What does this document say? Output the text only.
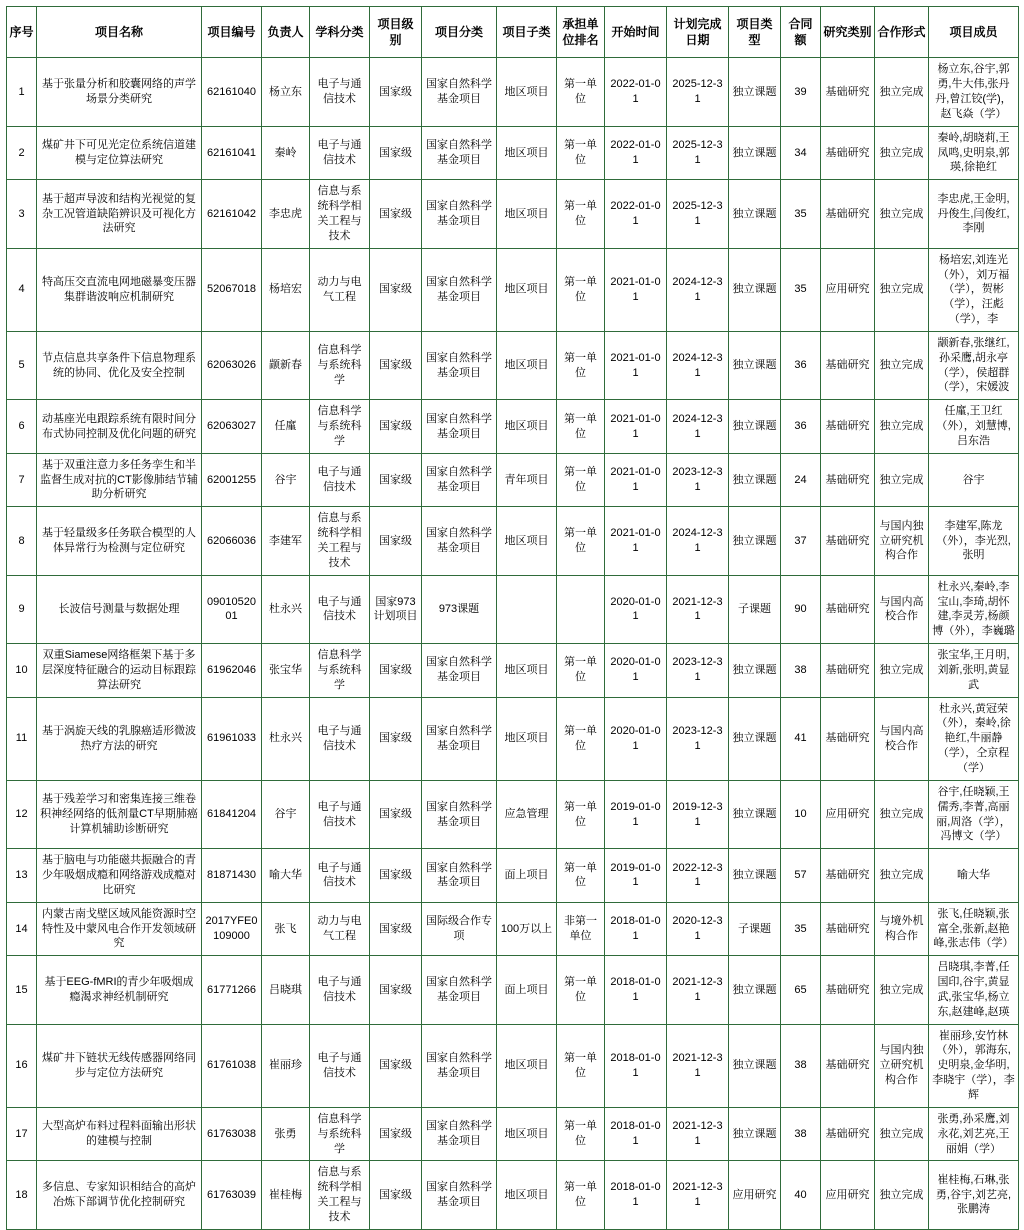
序号	项目名称	项目编号	负责人	学科分类	项目级别	项目分类	项目子类	承担单位排名	开始时间	计划完成日期	项目类型	合同额	研究类别	合作形式	项目成员
1	基于张量分析和胶囊网络的声学场景分类研究	62161040	杨立东	电子与通信技术	国家级	国家自然科学基金项目	地区项目	第一单位	2022-01-01	2025-12-31	独立课题	39	基础研究	独立完成	杨立东,谷宇,郭勇,牛大伟,张丹丹,曾江铰(学)，赵飞焱（学）
2	煤矿井下可见光定位系统信道建模与定位算法研究	62161041	秦岭	电子与通信技术	国家级	国家自然科学基金项目	地区项目	第一单位	2022-01-01	2025-12-31	独立课题	34	基础研究	独立完成	秦岭,胡晓莉,王凤鸣,史明泉,郭瑛,徐艳红
3	基于超声导波和结构光视觉的复杂工况管道缺陷辨识及可视化方法研究	62161042	李忠虎	信息与系统科学相关工程与技术	国家级	国家自然科学基金项目	地区项目	第一单位	2022-01-01	2025-12-31	独立课题	35	基础研究	独立完成	李忠虎,王金明,丹俊生,闫俊红,李刚
4	特高压交直流电网地磁暴变压器集群谐波响应机制研究	52067018	杨培宏	动力与电气工程	国家级	国家自然科学基金项目	地区项目	第一单位	2021-01-01	2024-12-31	独立课题	35	应用研究	独立完成	杨培宏,刘连光（外），刘万福（学），贺彬（学），汪彪（学），李
5	节点信息共享条件下信息物理系统的协同、优化及安全控制	62063026	颛新春	信息科学与系统科学	国家级	国家自然科学基金项目	地区项目	第一单位	2021-01-01	2024-12-31	独立课题	36	基础研究	独立完成	颛新春,张继红,孙采鹰,胡永亭（学），侯超群（学），宋媛波
6	动基座光电跟踪系统有限时间分布式协同控制及优化问题的研究	62063027	任廑	信息科学与系统科学	国家级	国家自然科学基金项目	地区项目	第一单位	2021-01-01	2024-12-31	独立课题	36	基础研究	独立完成	任廑,王卫红（外），刘慧博,吕东浩
7	基于双重注意力多任务孪生和半监督生成对抗的CT影像肺结节辅助分析研究	62001255	谷宇	电子与通信技术	国家级	国家自然科学基金项目	青年项目	第一单位	2021-01-01	2023-12-31	独立课题	24	基础研究	独立完成	谷宇
8	基于轻量级多任务联合模型的人体异常行为检测与定位研究	62066036	李建军	信息与系统科学相关工程与技术	国家级	国家自然科学基金项目	地区项目	第一单位	2021-01-01	2024-12-31	独立课题	37	基础研究	与国内独立研究机构合作	李建军,陈龙（外），李光烈,张明
9	长波信号测量与数据处理	0901052001	杜永兴	电子与通信技术	国家973计划项目	973课题			2020-01-01	2021-12-31	子课题	90	基础研究	与国内高校合作	杜永兴,秦岭,李宝山,李琦,胡怀建,李灵芳,杨颜博（外），李巍璐
10	双重Siamese网络框架下基于多层深度特征融合的运动目标跟踪算法研究	61962046	张宝华	信息科学与系统科学	国家级	国家自然科学基金项目	地区项目	第一单位	2020-01-01	2023-12-31	独立课题	38	基础研究	独立完成	张宝华,王月明,刘新,张明,黄显武
11	基于涡旋天线的乳腺癌适形微波热疗方法的研究	61961033	杜永兴	电子与通信技术	国家级	国家自然科学基金项目	地区项目	第一单位	2020-01-01	2023-12-31	独立课题	41	基础研究	与国内高校合作	杜永兴,黄冠荣（外），秦岭,徐艳红,牛丽静（学），仝京程（学）
12	基于残差学习和密集连接三维卷积神经网络的低剂量CT早期肺癌计算机辅助诊断研究	61841204	谷宇	电子与通信技术	国家级	国家自然科学基金项目	应急管理	第一单位	2019-01-01	2019-12-31	独立课题	10	应用研究	独立完成	谷宇,任晓颖,王儒秀,李菁,高丽丽,周洛（学），冯博文（学）
13	基于脑电与功能磁共振融合的青少年吸烟成瘾和网络游戏成瘾对比研究	81871430	喻大华	电子与通信技术	国家级	国家自然科学基金项目	面上项目	第一单位	2019-01-01	2022-12-31	独立课题	57	基础研究	独立完成	喻大华
14	内蒙古南戈壁区域风能资源时空特性及中蒙风电合作开发领域研究	2017YFE0109000	张飞	动力与电气工程	国家级	国际级合作专项	100万以上	非第一单位	2018-01-01	2020-12-31	子课题	35	基础研究	与境外机构合作	张飞,任晓颖,张富全,张新,赵艳峰,张志伟（学）
15	基于EEG-fMRI的青少年吸烟成瘾渴求神经机制研究	61771266	吕晓琪	电子与通信技术	国家级	国家自然科学基金项目	面上项目	第一单位	2018-01-01	2021-12-31	独立课题	65	基础研究	独立完成	吕晓琪,李菁,任国印,谷宇,黄显武,张宝华,杨立东,赵建峰,赵瑛
16	煤矿井下链状无线传感器网络同步与定位方法研究	61761038	崔丽珍	电子与通信技术	国家级	国家自然科学基金项目	地区项目	第一单位	2018-01-01	2021-12-31	独立课题	38	基础研究	与国内独立研究机构合作	崔丽珍,安竹林（外），郭海东,史明泉,金华明,李晓宇（学），李辉
17	大型高炉布料过程料面输出形状的建模与控制	61763038	张勇	信息科学与系统科学	国家级	国家自然科学基金项目	地区项目	第一单位	2018-01-01	2021-12-31	独立课题	38	基础研究	独立完成	张勇,孙采鹰,刘永花,刘艺亮,王丽娟（学）
18	多信息、专家知识相结合的高炉冶炼下部调节优化控制研究	61763039	崔桂梅	信息与系统科学相关工程与技术	国家级	国家自然科学基金项目	地区项目	第一单位	2018-01-01	2021-12-31	应用研究	40	应用研究	独立完成	崔桂梅,石琳,张勇,谷宇,刘艺亮,张鹏涛
